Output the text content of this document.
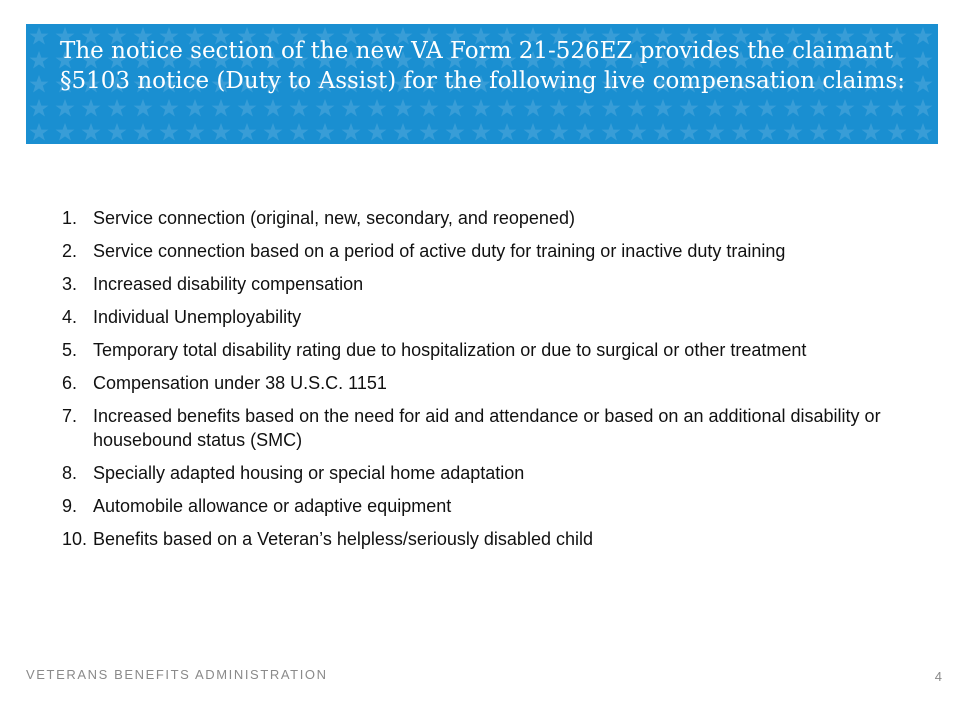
The notice section of the new VA Form 21-526EZ provides the claimant §5103 notice (Duty to Assist) for the following live compensation claims:
1. Service connection (original, new, secondary, and reopened)
2. Service connection based on a period of active duty for training or inactive duty training
3. Increased disability compensation
4. Individual Unemployability
5. Temporary total disability rating due to hospitalization or due to surgical or other treatment
6. Compensation under 38 U.S.C. 1151
7. Increased benefits based on the need for aid and attendance or based on an additional disability or housebound status (SMC)
8. Specially adapted housing or special home adaptation
9. Automobile allowance or adaptive equipment
10. Benefits based on a Veteran’s helpless/seriously disabled child
VETERANS BENEFITS ADMINISTRATION	4
